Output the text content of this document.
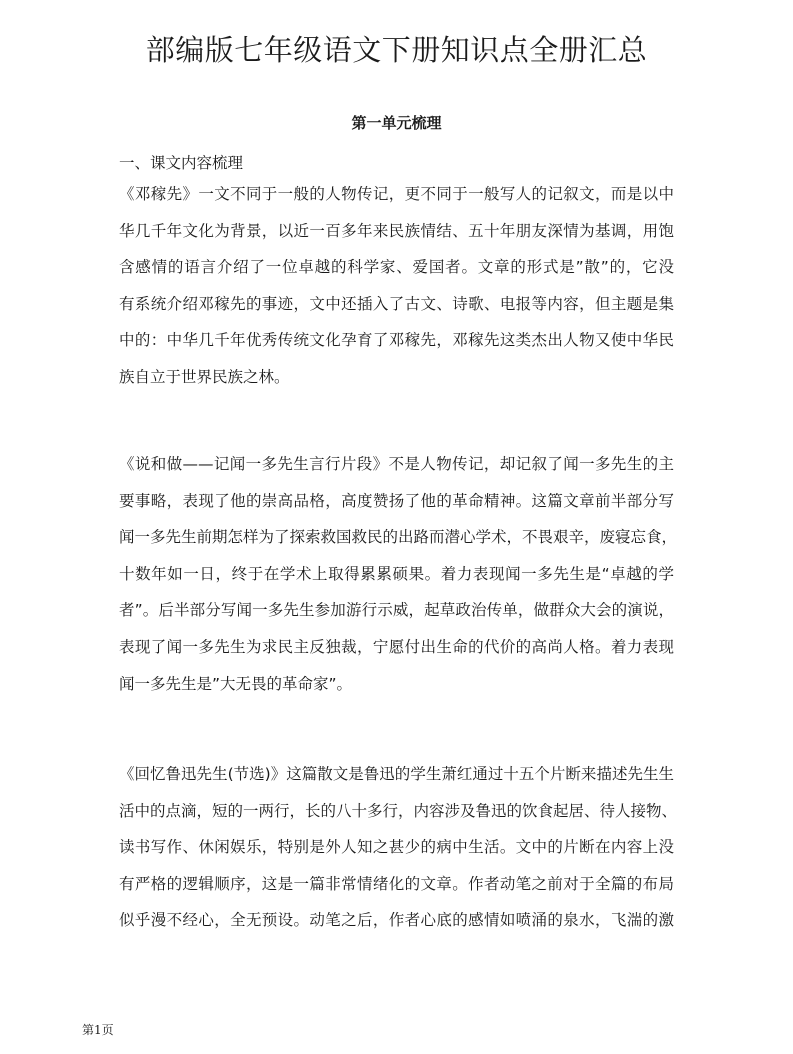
部编版七年级语文下册知识点全册汇总
第一单元梳理
一、课文内容梳理
《邓稼先》一文不同于一般的人物传记，更不同于一般写人的记叙文，而是以中
华几千年文化为背景，以近一百多年来民族情结、五十年朋友深情为基调，用饱
含感情的语言介绍了一位卓越的科学家、爱国者。文章的形式是”散”的，它没
有系统介绍邓稼先的事迹，文中还插入了古文、诗歌、电报等内容，但主题是集
中的：中华几千年优秀传统文化孕育了邓稼先，邓稼先这类杰出人物又使中华民
族自立于世界民族之林。
《说和做——记闻一多先生言行片段》不是人物传记，却记叙了闻一多先生的主
要事略，表现了他的崇高品格，高度赞扬了他的革命精神。这篇文章前半部分写
闻一多先生前期怎样为了探索救国救民的出路而潜心学术，不畏艰辛，废寝忘食，
十数年如一日，终于在学术上取得累累硕果。着力表现闻一多先生是“卓越的学
者”。后半部分写闻一多先生参加游行示威，起草政治传单，做群众大会的演说，
表现了闻一多先生为求民主反独裁，宁愿付出生命的代价的高尚人格。着力表现
闻一多先生是”大无畏的革命家”。
《回忆鲁迅先生(节选)》这篇散文是鲁迅的学生萧红通过十五个片断来描述先生生
活中的点滴，短的一两行，长的八十多行，内容涉及鲁迅的饮食起居、待人接物、
读书写作、休闲娱乐，特别是外人知之甚少的病中生活。文中的片断在内容上没
有严格的逻辑顺序，这是一篇非常情绪化的文章。作者动笔之前对于全篇的布局
似乎漫不经心，全无预设。动笔之后，作者心底的感情如喷涌的泉水，飞湍的激
第1页
